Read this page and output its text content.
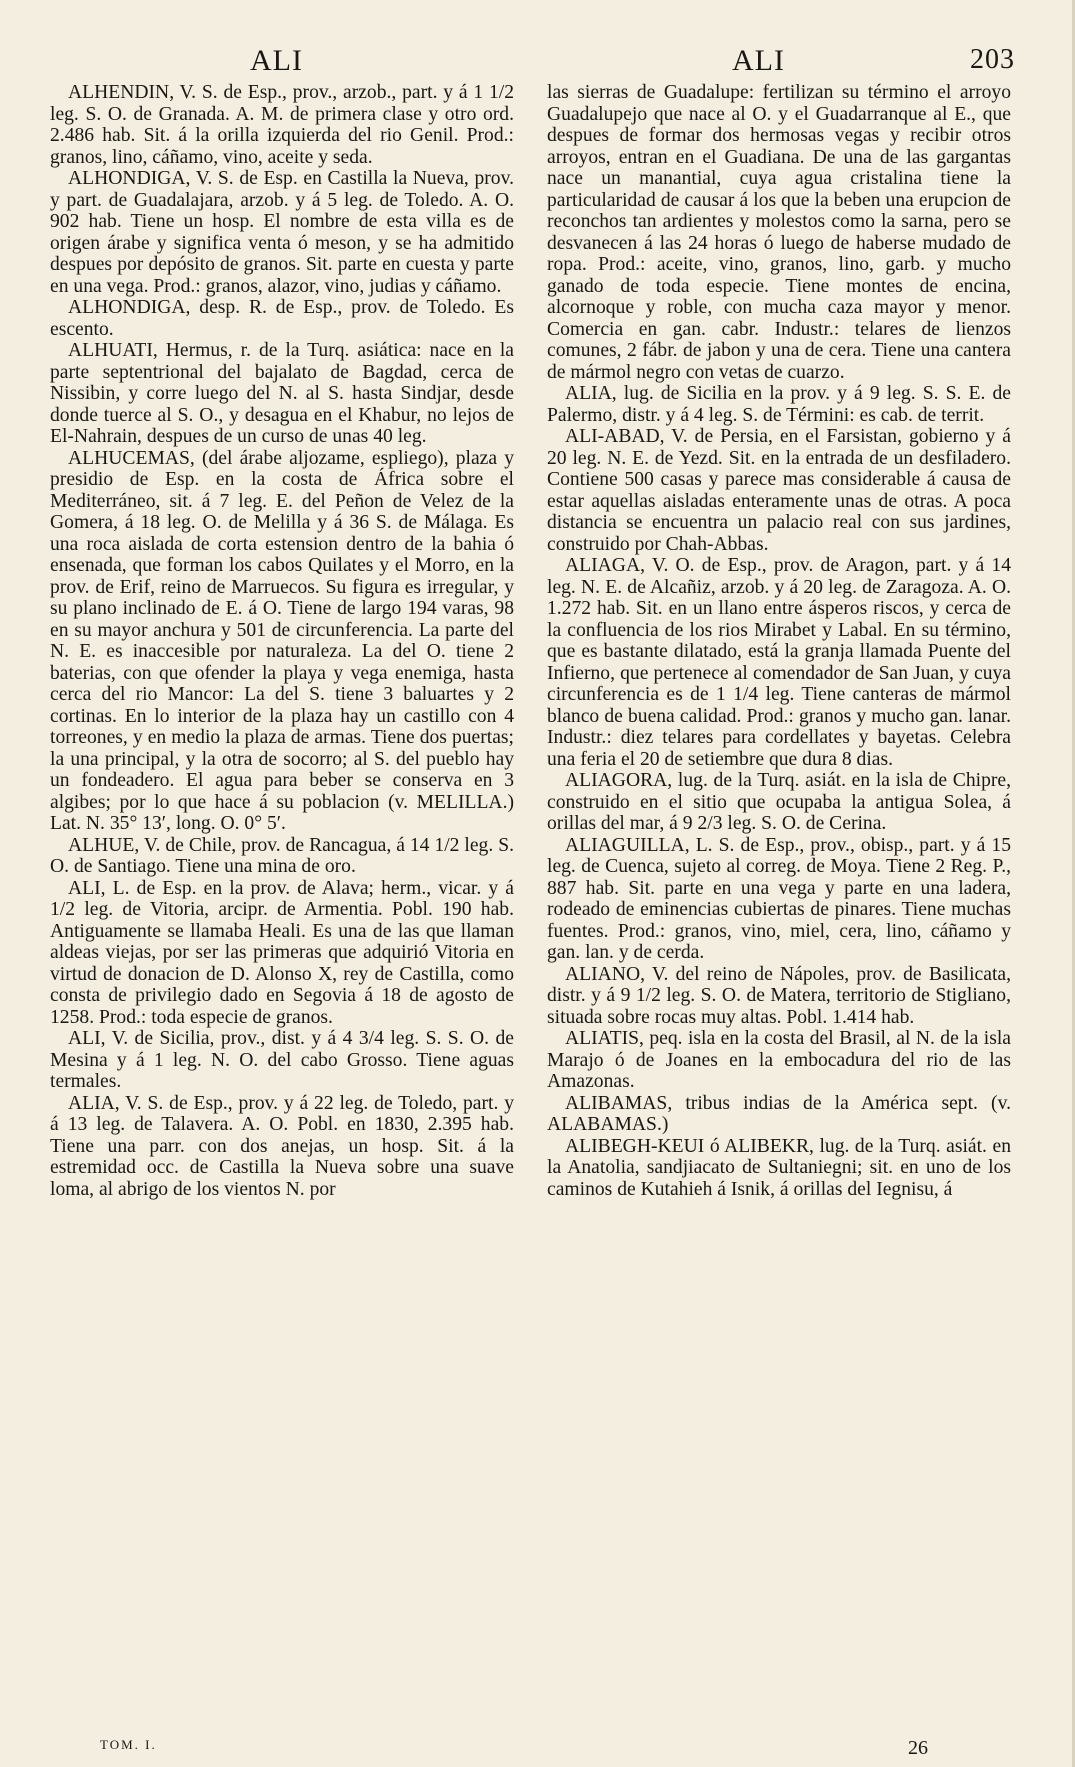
ALI	ALI	203

ALHENDIN, V. S. de Esp., prov., arzob., part. y á 1 1/2 leg. S. O. de Granada. A. M. de primera clase y otro ord. 2.486 hab. Sit. á la orilla izquierda del rio Genil. Prod.: granos, lino, cáñamo, vino, aceite y seda.

ALHONDIGA, V. S. de Esp. en Castilla la Nueva, prov. y part. de Guadalajara, arzob. y á 5 leg. de Toledo. A. O. 902 hab. Tiene un hosp. El nombre de esta villa es de origen árabe y significa venta ó meson, y se ha admitido despues por depósito de granos. Sit. parte en cuesta y parte en una vega. Prod.: granos, alazor, vino, judias y cáñamo.

ALHONDIGA, desp. R. de Esp., prov. de Toledo. Es escento.

ALHUATI, Hermus, r. de la Turq. asiática: nace en la parte septentrional del bajalato de Bagdad, cerca de Nissibin, y corre luego del N. al S. hasta Sindjar, desde donde tuerce al S. O., y desagua en el Khabur, no lejos de El-Nahrain, despues de un curso de unas 40 leg.

ALHUCEMAS, (del árabe aljozame, espliego), plaza y presidio de Esp. en la costa de África sobre el Mediterráneo, sit. á 7 leg. E. del Peñon de Velez de la Gomera, á 18 leg. O. de Melilla y á 36 S. de Málaga. Es una roca aislada de corta estension dentro de la bahia ó ensenada, que forman los cabos Quilates y el Morro, en la prov. de Erif, reino de Marruecos. Su figura es irregular, y su plano inclinado de E. á O. Tiene de largo 194 varas, 98 en su mayor anchura y 501 de circunferencia. La parte del N. E. es inaccesible por naturaleza. La del O. tiene 2 baterias, con que ofender la playa y vega enemiga, hasta cerca del rio Mancor: La del S. tiene 3 baluartes y 2 cortinas. En lo interior de la plaza hay un castillo con 4 torreones, y en medio la plaza de armas. Tiene dos puertas; la una principal, y la otra de socorro; al S. del pueblo hay un fondeadero. El agua para beber se conserva en 3 algibes; por lo que hace á su poblacion (v. MELILLA.) Lat. N. 35° 13′, long. O. 0° 5′.

ALHUE, V. de Chile, prov. de Rancagua, á 14 1/2 leg. S. O. de Santiago. Tiene una mina de oro.

ALI, L. de Esp. en la prov. de Alava; herm., vicar. y á 1/2 leg. de Vitoria, arcipr. de Armentia. Pobl. 190 hab. Antiguamente se llamaba Heali. Es una de las que llaman aldeas viejas, por ser las primeras que adquirió Vitoria en virtud de donacion de D. Alonso X, rey de Castilla, como consta de privilegio dado en Segovia á 18 de agosto de 1258. Prod.: toda especie de granos.

ALI, V. de Sicilia, prov., dist. y á 4 3/4 leg. S. S. O. de Mesina y á 1 leg. N. O. del cabo Grosso. Tiene aguas termales.

ALIA, V. S. de Esp., prov. y á 22 leg. de Toledo, part. y á 13 leg. de Talavera. A. O. Pobl. en 1830, 2.395 hab. Tiene una parr. con dos anejas, un hosp. Sit. á la estremidad occ. de Castilla la Nueva sobre una suave loma, al abrigo de los vientos N. por

las sierras de Guadalupe: fertilizan su término el arroyo Guadalupejo que nace al O. y el Guadarranque al E., que despues de formar dos hermosas vegas y recibir otros arroyos, entran en el Guadiana. De una de las gargantas nace un manantial, cuya agua cristalina tiene la particularidad de causar á los que la beben una erupcion de reconchos tan ardientes y molestos como la sarna, pero se desvanecen á las 24 horas ó luego de haberse mudado de ropa. Prod.: aceite, vino, granos, lino, garb. y mucho ganado de toda especie. Tiene montes de encina, alcornoque y roble, con mucha caza mayor y menor. Comercia en gan. cabr. Industr.: telares de lienzos comunes, 2 fábr. de jabon y una de cera. Tiene una cantera de mármol negro con vetas de cuarzo.

ALIA, lug. de Sicilia en la prov. y á 9 leg. S. S. E. de Palermo, distr. y á 4 leg. S. de Términi: es cab. de territ.

ALI-ABAD, V. de Persia, en el Farsistan, gobierno y á 20 leg. N. E. de Yezd. Sit. en la entrada de un desfiladero. Contiene 500 casas y parece mas considerable á causa de estar aquellas aisladas enteramente unas de otras. A poca distancia se encuentra un palacio real con sus jardines, construido por Chah-Abbas.

ALIAGA, V. O. de Esp., prov. de Aragon, part. y á 14 leg. N. E. de Alcañiz, arzob. y á 20 leg. de Zaragoza. A. O. 1.272 hab. Sit. en un llano entre ásperos riscos, y cerca de la confluencia de los rios Mirabet y Labal. En su término, que es bastante dilatado, está la granja llamada Puente del Infierno, que pertenece al comendador de San Juan, y cuya circunferencia es de 1 1/4 leg. Tiene canteras de mármol blanco de buena calidad. Prod.: granos y mucho gan. lanar. Industr.: diez telares para cordellates y bayetas. Celebra una feria el 20 de setiembre que dura 8 dias.

ALIAGORA, lug. de la Turq. asiát. en la isla de Chipre, construido en el sitio que ocupaba la antigua Solea, á orillas del mar, á 9 2/3 leg. S. O. de Cerina.

ALIAGUILLA, L. S. de Esp., prov., obisp., part. y á 15 leg. de Cuenca, sujeto al correg. de Moya. Tiene 2 Reg. P., 887 hab. Sit. parte en una vega y parte en una ladera, rodeado de eminencias cubiertas de pinares. Tiene muchas fuentes. Prod.: granos, vino, miel, cera, lino, cáñamo y gan. lan. y de cerda.

ALIANO, V. del reino de Nápoles, prov. de Basilicata, distr. y á 9 1/2 leg. S. O. de Matera, territorio de Stigliano, situada sobre rocas muy altas. Pobl. 1.414 hab.

ALIATIS, peq. isla en la costa del Brasil, al N. de la isla Marajo ó de Joanes en la embocadura del rio de las Amazonas.

ALIBAMAS, tribus indias de la América sept. (v. ALABAMAS.)

ALIBEGH-KEUI ó ALIBEKR, lug. de la Turq. asiát. en la Anatolia, sandjiacato de Sultaniegni; sit. en uno de los caminos de Kutahieh á Isnik, á orillas del Iegnisu, á

TOM. I.	26
